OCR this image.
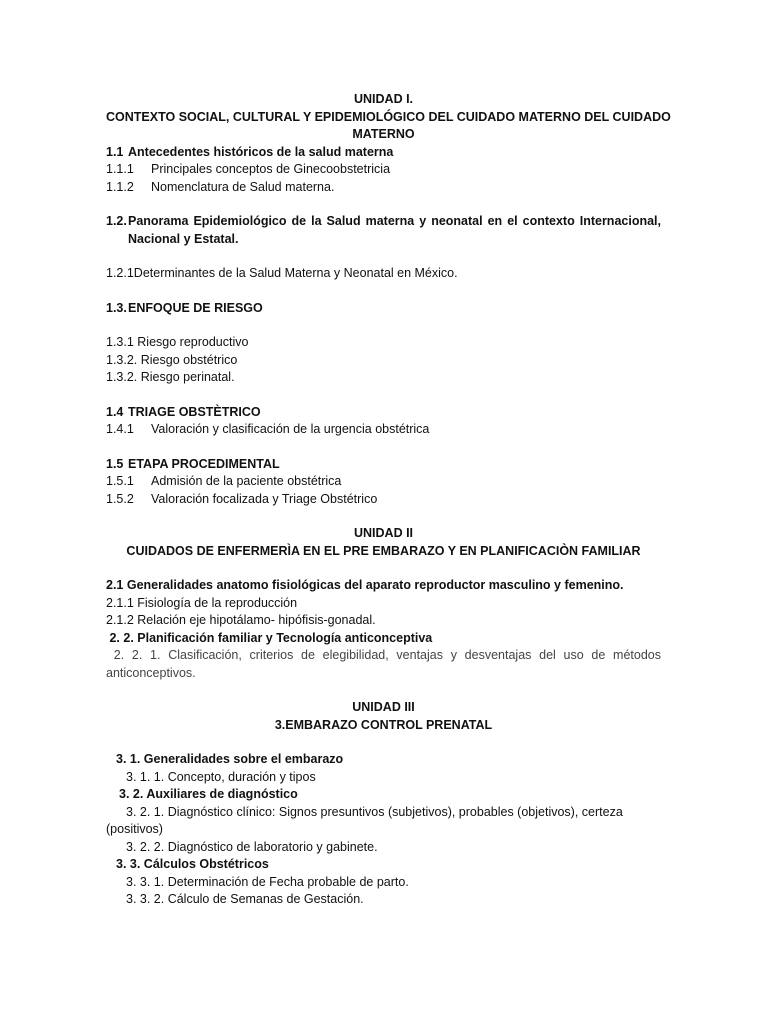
UNIDAD I.
CONTEXTO SOCIAL, CULTURAL Y EPIDEMIOLÓGICO DEL CUIDADO MATERNO DEL CUIDADO
MATERNO
1.1 Antecedentes históricos de la salud materna
1.1.1 Principales conceptos de Ginecoobstetricia
1.1.2 Nomenclatura de Salud materna.
1.2.Panorama Epidemiológico de la Salud materna y neonatal en el contexto Internacional,
Nacional y Estatal.
1.2.1Determinantes de la Salud Materna y Neonatal en México.
1.3.ENFOQUE DE RIESGO
1.3.1 Riesgo reproductivo
1.3.2. Riesgo obstétrico
1.3.2. Riesgo perinatal.
1.4 TRIAGE OBSTÈTRICO
1.4.1 Valoración y clasificación de la urgencia obstétrica
1.5 ETAPA PROCEDIMENTAL
1.5.1 Admisión de la paciente obstétrica
1.5.2 Valoración focalizada y Triage Obstétrico
UNIDAD II
CUIDADOS DE ENFERMERÌA EN EL PRE EMBARAZO Y EN PLANIFICACIÒN FAMILIAR
2.1 Generalidades anatomo fisiológicas del aparato reproductor masculino y femenino.
2.1.1 Fisiología de la reproducción
2.1.2 Relación eje hipotálamo- hipófisis-gonadal.
2. 2. Planificación familiar y Tecnología anticonceptiva
2. 2. 1. Clasificación, criterios de elegibilidad, ventajas y desventajas del uso de métodos
anticonceptivos.
UNIDAD III
3.EMBARAZO CONTROL PRENATAL
3. 1. Generalidades sobre el embarazo
3. 1. 1. Concepto, duración y tipos
3. 2. Auxiliares de diagnóstico
3. 2. 1. Diagnóstico clínico: Signos presuntivos (subjetivos), probables (objetivos), certeza
(positivos)
3. 2. 2. Diagnóstico de laboratorio y gabinete.
3. 3. Cálculos Obstétricos
3. 3. 1. Determinación de Fecha probable de parto.
3. 3. 2. Cálculo de Semanas de Gestación.
